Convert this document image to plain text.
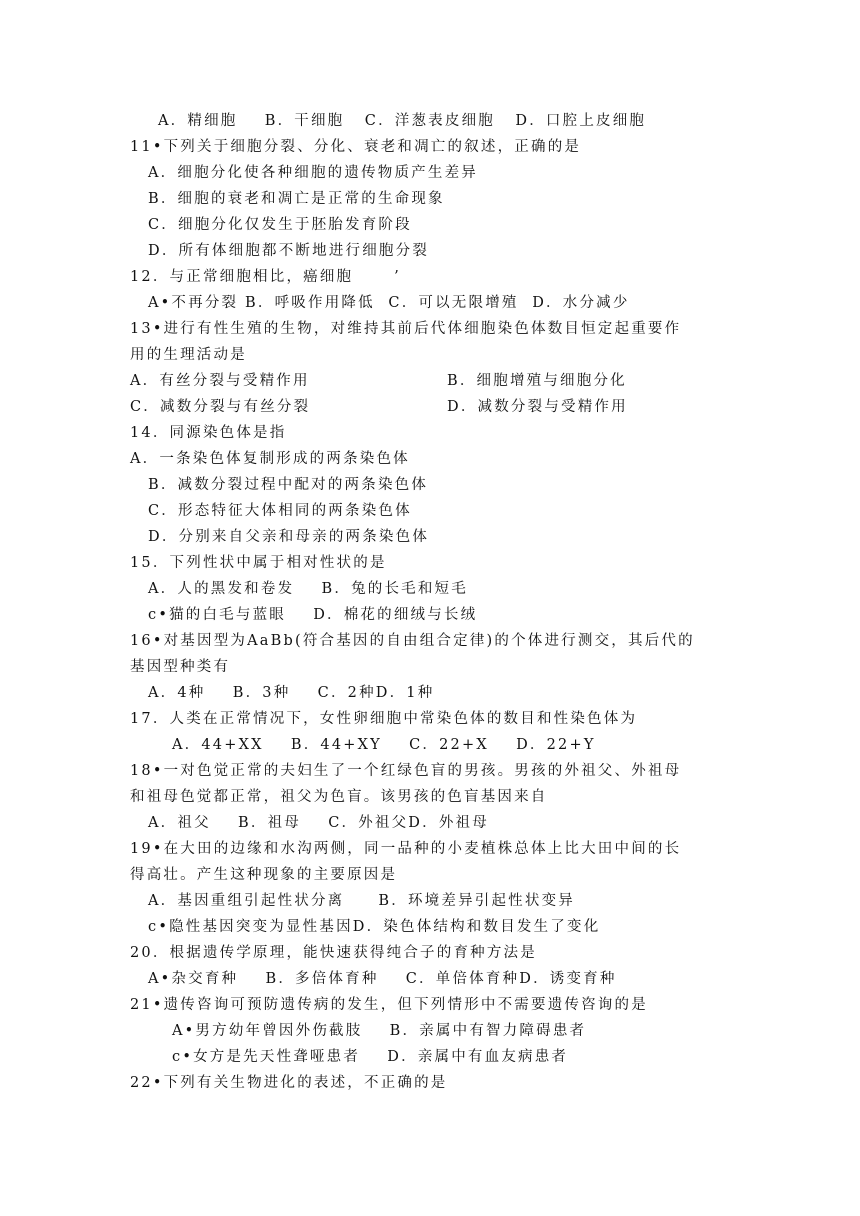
A．精细胞    B．干细胞   C．洋葱表皮细胞   D．口腔上皮细胞
11•下列关于细胞分裂、分化、衰老和凋亡的叙述，正确的是
A．细胞分化使各种细胞的遗传物质产生差异
B．细胞的衰老和凋亡是正常的生命现象
C．细胞分化仅发生于胚胎发育阶段
D．所有体细胞都不断地进行细胞分裂
12．与正常细胞相比，癌细胞      ’
A•不再分裂 B．呼吸作用降低  C．可以无限增殖  D．水分减少
13•进行有性生殖的生物，对维持其前后代体细胞染色体数目恒定起重要作
用的生理活动是
A．有丝分裂与受精作用	B．细胞增殖与细胞分化
C．减数分裂与有丝分裂	D．减数分裂与受精作用
14．同源染色体是指
A．一条染色体复制形成的两条染色体
B．减数分裂过程中配对的两条染色体
C．形态特征大体相同的两条染色体
D．分别来自父亲和母亲的两条染色体
15．下列性状中属于相对性状的是
A．人的黑发和卷发    B．兔的长毛和短毛
c•猫的白毛与蓝眼    D．棉花的细绒与长绒
16•对基因型为AaBb(符合基因的自由组合定律)的个体进行测交，其后代的
基因型种类有
A．4种    B．3种    C．2种D．1种
17．人类在正常情况下，女性卵细胞中常染色体的数目和性染色体为
A．44+XX    B．44+XY    C．22+X    D．22+Y
18•一对色觉正常的夫妇生了一个红绿色盲的男孩。男孩的外祖父、外祖母
和祖母色觉都正常，祖父为色盲。该男孩的色盲基因来自
A．祖父    B．祖母    C．外祖父D．外祖母
19•在大田的边缘和水沟两侧，同一品种的小麦植株总体上比大田中间的长
得高壮。产生这种现象的主要原因是
A．基因重组引起性状分离     B．环境差异引起性状变异
c•隐性基因突变为显性基因D．染色体结构和数目发生了变化
20．根据遗传学原理，能快速获得纯合子的育种方法是
A•杂交育种    B．多倍体育种    C．单倍体育种D．诱变育种
21•遗传咨询可预防遗传病的发生，但下列情形中不需要遗传咨询的是
A•男方幼年曾因外伤截肢    B．亲属中有智力障碍患者
c•女方是先天性聋哑患者    D．亲属中有血友病患者
22•下列有关生物进化的表述，不正确的是
